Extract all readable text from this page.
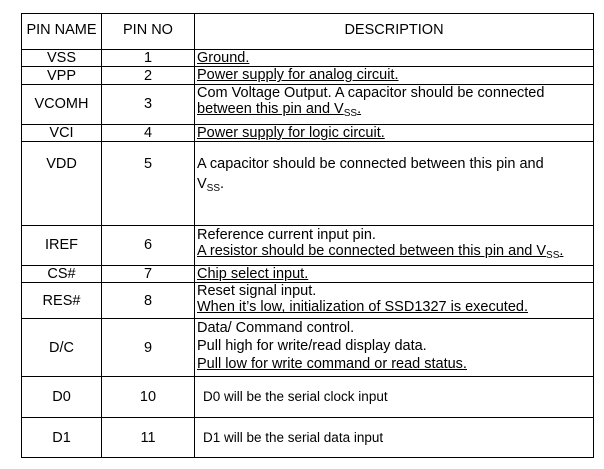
PIN NAME	PIN NO	DESCRIPTION
VSS	1	Ground.

VPP	2	Power supply for analog circuit.

VCOMH	3	Com Voltage Output. A capacitor should be connected
between this pin and $V_{SS}$.

VCI	4	Power supply for logic circuit.

VDD	5	A capacitor should be connected between this pin and
$V_{SS}$.

IREF	6	Reference current input pin.
A resistor should be connected between this pin and $V_{SS}$.

CS#	7	Chip select input.

RES#	8	Reset signal input.
When it’s low, initialization of SSD1327 is executed.

D/C	9	Data/ Command control.
Pull high for write/read display data.
Pull low for write command or read status.

D0	10	D0 will be the serial clock input
D1	11	D1 will be the serial data input
